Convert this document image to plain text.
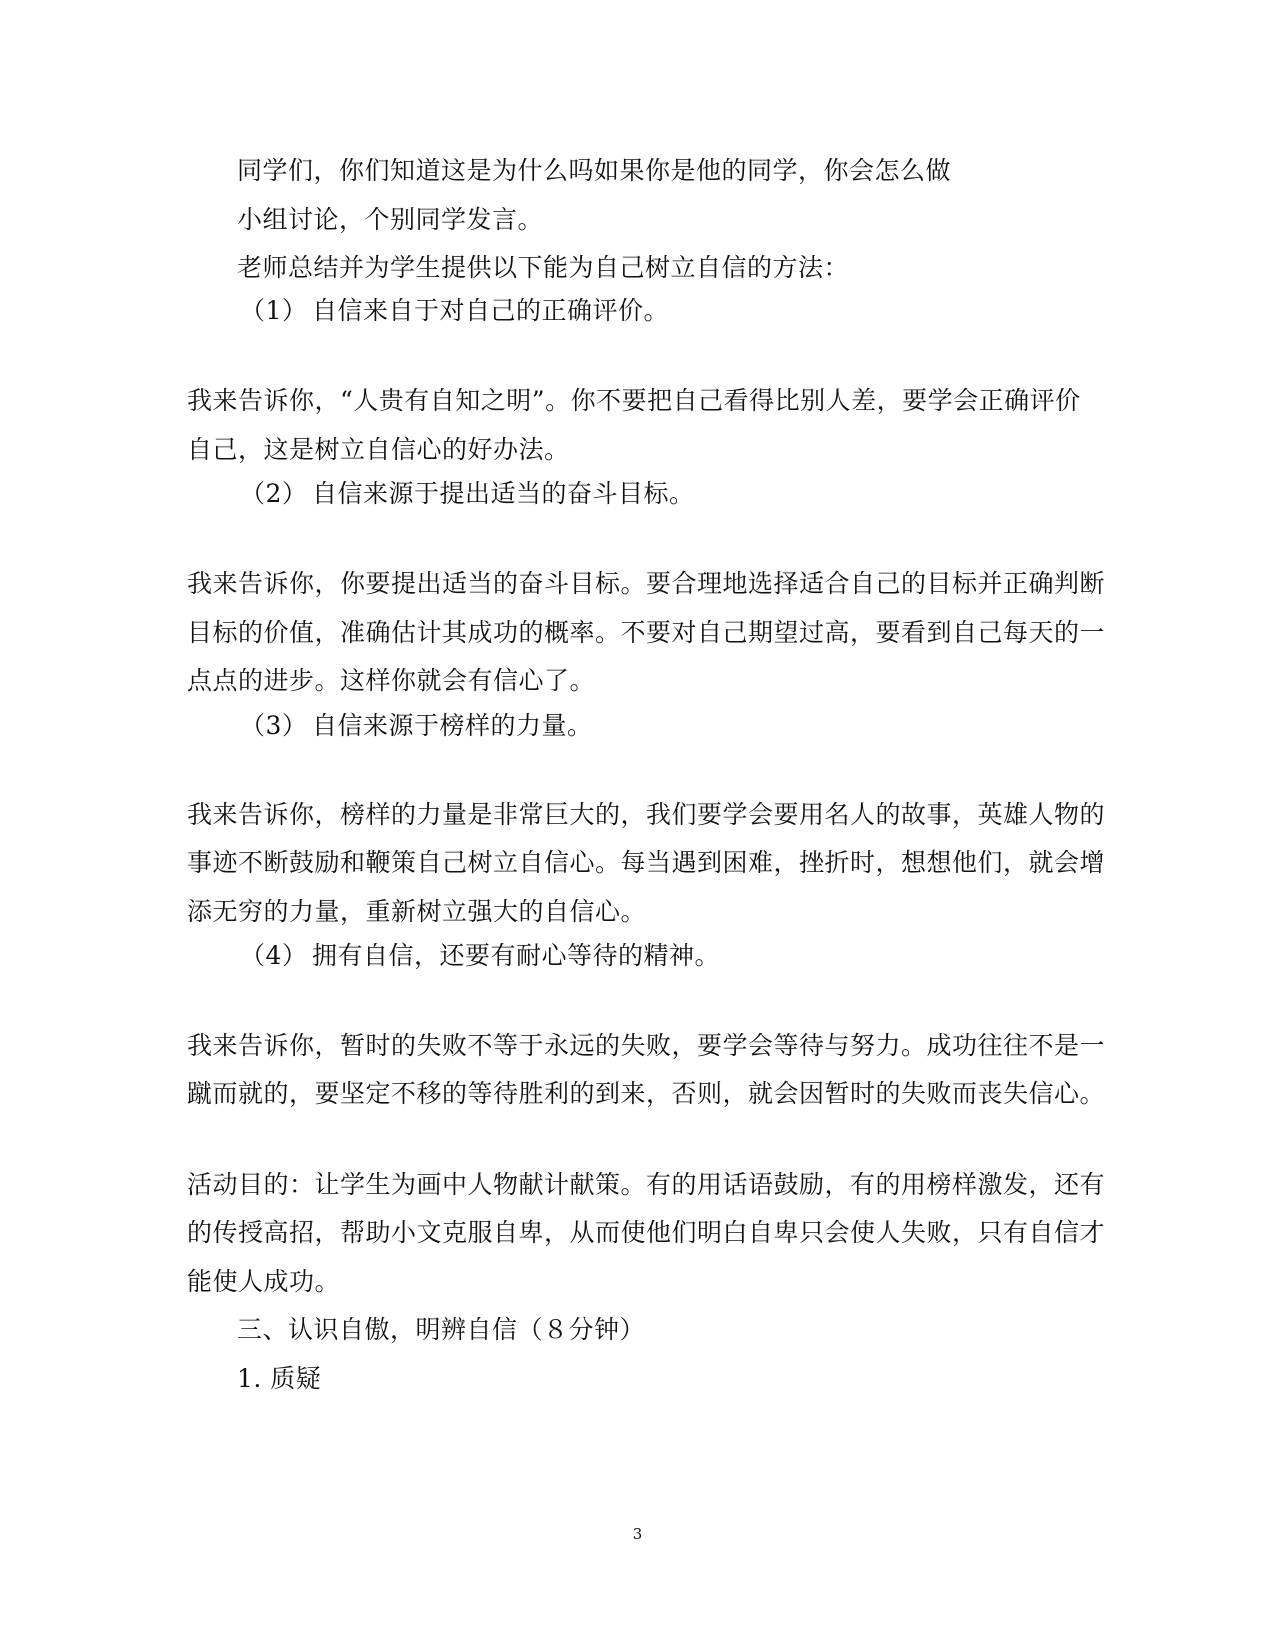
同学们，你们知道这是为什么吗如果你是他的同学，你会怎么做
小组讨论，个别同学发言。
老师总结并为学生提供以下能为自己树立自信的方法：
（1） 自信来自于对自己的正确评价。
我来告诉你，“人贵有自知之明”。你不要把自己看得比别人差，要学会正确评价
自己，这是树立自信心的好办法。
（2） 自信来源于提出适当的奋斗目标。
我来告诉你，你要提出适当的奋斗目标。要合理地选择适合自己的目标并正确判断
目标的价值，准确估计其成功的概率。不要对自己期望过高，要看到自己每天的一
点点的进步。这样你就会有信心了。
（3） 自信来源于榜样的力量。
我来告诉你，榜样的力量是非常巨大的，我们要学会要用名人的故事，英雄人物的
事迹不断鼓励和鞭策自己树立自信心。每当遇到困难，挫折时，想想他们，就会增
添无穷的力量，重新树立强大的自信心。
（4） 拥有自信，还要有耐心等待的精神。
我来告诉你，暂时的失败不等于永远的失败，要学会等待与努力。成功往往不是一
蹴而就的，要坚定不移的等待胜利的到来，否则，就会因暂时的失败而丧失信心。
活动目的：让学生为画中人物献计献策。有的用话语鼓励，有的用榜样激发，还有
的传授高招，帮助小文克服自卑，从而使他们明白自卑只会使人失败，只有自信才
能使人成功。
三、认识自傲，明辨自信（８分钟）
1. 质疑
3
